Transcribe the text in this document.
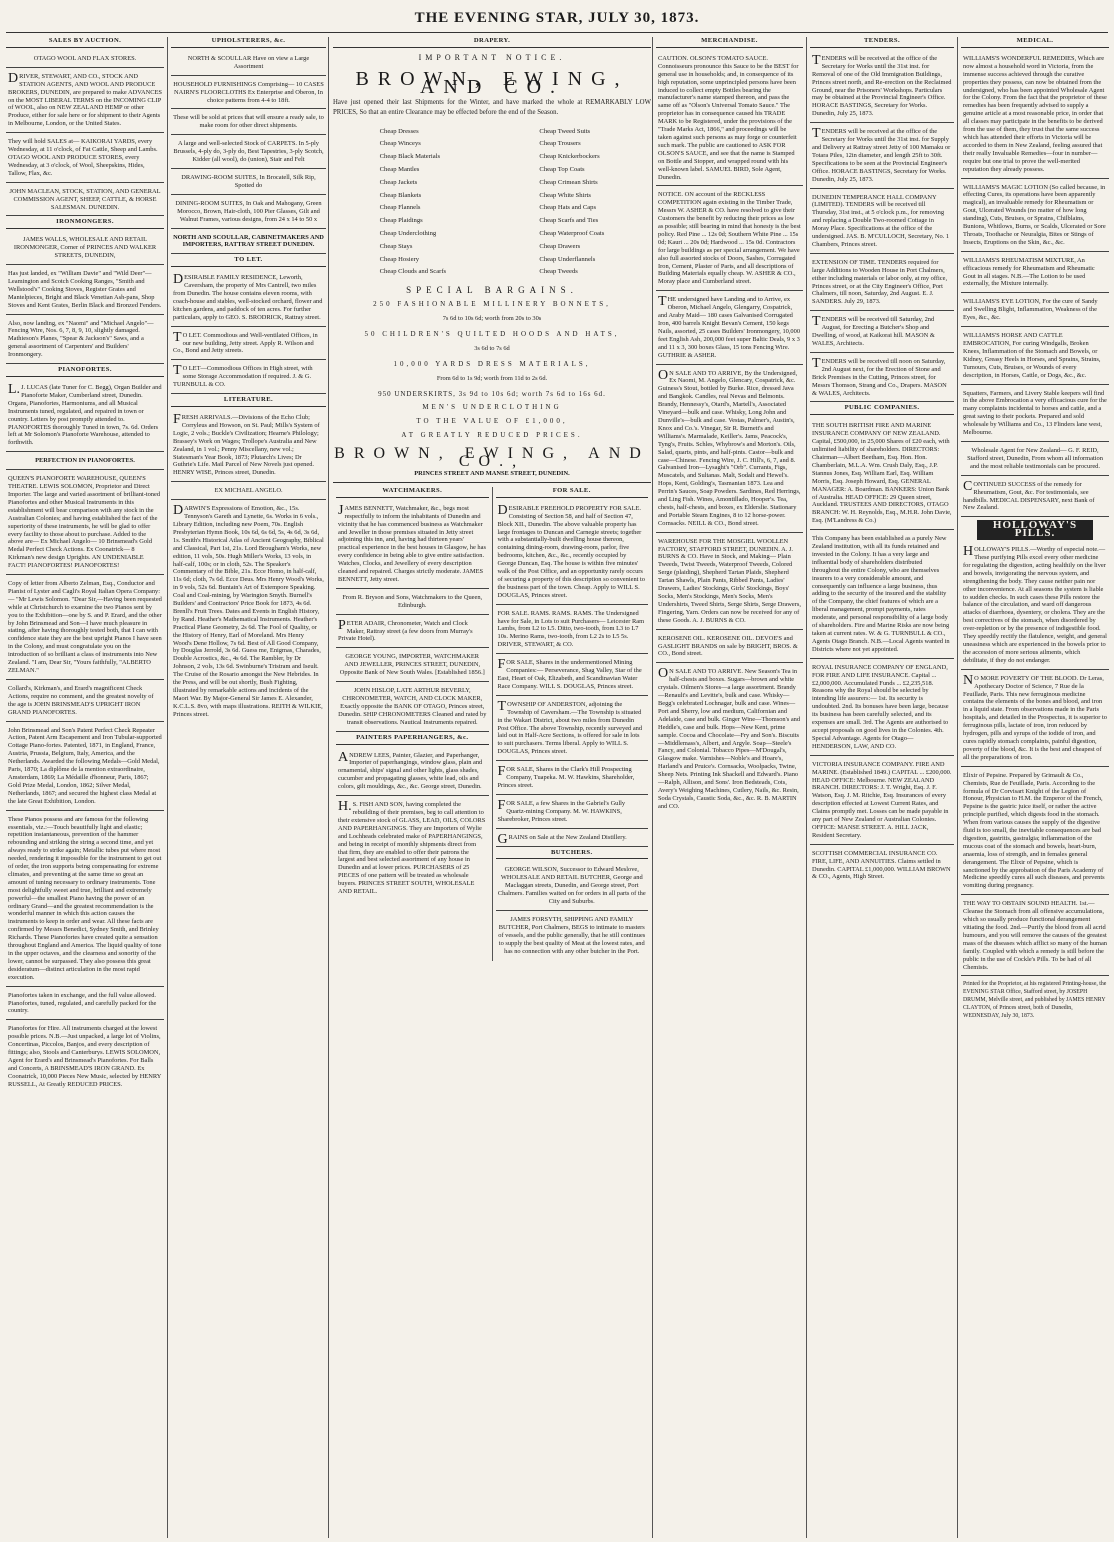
THE EVENING STAR, JULY 30, 1873.
SALES BY AUCTION.
OTAGO WOOL AND FLAX STORES.
DRIVER, STEWART, AND CO., STOCK AND STATION AGENTS, AND WOOL AND PRODUCE BROKERS, DUNEDIN, are prepared to make ADVANCES on the MOST LIBERAL TERMS on the INCOMING CLIP of WOOL, also on NEW ZEALAND HEMP or other Produce, either for sale here or for shipment to their Agents in Melbourne, London, or the United States.
They will hold SALES at— KAIKORAI YARDS, every Wednesday, at 11 o'clock, of Fat Cattle, Sheep and Lambs. OTAGO WOOL AND PRODUCE STORES, every Wednesday, at 3 o'clock, of Wool, Sheepskins, Hides, Tallow, Flax, &c.
JOHN MACLEAN, STOCK, STATION, AND GENERAL COMMISSION AGENT, SHEEP, CATTLE, & HORSE SALESMAN. DUNEDIN.
IRONMONGERS.
JAMES WALLS, WHOLESALE AND RETAIL IRONMONGER, Corner of PRINCES AND WALKER STREETS, DUNEDIN,
Has just landed, ex "William Davie" and "Wild Deer"— Leamington and Scotch Cooking Ranges, "Smith and Wellstood's" Cooking Stoves, Register Grates and Mantelpieces, Bright and Black Venetian Ash-pans, Shop Stoves and Kent Grates, Berlin Black and Bronzed Fenders.
Also, now landing, ex "Naomi" and "Michael Angelo"— Fencing Wire, Nos. 6, 7, 8, 9, 10, slightly damaged. Mathieson's Planes, "Spear & Jackson's" Saws, and a general assortment of Carpenters' and Builders' Ironmongery.
PIANOFORTES.
L.J. LUCAS (late Tuner for C. Begg), Organ Builder and Pianoforte Maker, Cumberland street, Dunedin. Organs, Pianofortes, Harmoniums, and all Musical Instruments tuned, regulated, and repaired in town or country. Letters by post promptly attended to. PIANOFORTES thoroughly Tuned in town, 7s. 6d. Orders left at Mr Solomon's Pianoforte Warehouse, attended to forthwith.
PERFECTION IN PIANOFORTES.
QUEEN'S PIANOFORTE WAREHOUSE, QUEEN'S THEATRE. LEWIS SOLOMON, Proprietor and Direct Importer. The large and varied assortment of brilliant-toned Pianofortes and other Musical Instruments in this establishment will bear comparison with any stock in the Australian Colonies; and having established the fact of the superiority of these instruments, he will be glad to offer every facility to those about to purchase. Added to the above are— Ex Michael Angelo— 10 Brinsmead's Gold Medal Perfect Check Actions. Ex Coonatrick— 8 Kirkman's new design Uprights. AN UNDENIABLE FACT! PIANOFORTES! PIANOFORTES!
Copy of letter from Alberto Zelman, Esq., Conductor and Pianist of Lyster and Cagli's Royal Italian Opera Company:— "Mr Lewis Solomon. "Dear Sir,—Having been requested while at Christchurch to examine the two Pianos sent by you to the Exhibition—one by S. and P. Erard, and the other by John Brinsmead and Son—I have much pleasure in stating, after having thoroughly tested both, that I can with confidence state they are the best upright Pianos I have seen in the Colony, and must congratulate you on the introduction of so brilliant a class of instruments into New Zealand. "I am, Dear Sir, "Yours faithfully, "ALBERTO ZELMAN."
Collard's, Kirkman's, and Erard's magnificent Check Actions, require no comment, and the greatest novelty of the age is JOHN BRINSMEAD'S UPRIGHT IRON GRAND PIANOFORTES.
John Brinsmead and Son's Patent Perfect Check Repeater Action, Patent Arm Escapement and Iron Tubular-supported Cottage Piano-fortes. Patented, 1871, in England, France, Austria, Prussia, Belgium, Italy, America, and the Netherlands. Awarded the following Medals—Gold Medal, Paris, 1870; La diplôme de la mention extraordinaire, Amsterdam, 1869; La Médaille d'honneur, Paris, 1867; Gold Prize Medal, London, 1862; Silver Medal, Netherlands, 1867; and secured the highest class Medal at the late Great Exhibition, London.
These Pianos possess and are famous for the following essentials, viz.:—Touch beautifully light and elastic; repetition instantaneous, prevention of the hammer rebounding and striking the string a second time, and yet always ready to strike again; Metallic tubes put where most needed, rendering it impossible for the instrument to get out of order, the iron supports being compensating for extreme climates, and preventing at the same time so great an amount of tuning necessary to ordinary instruments. Tone most delightfully sweet and true, brilliant and extremely powerful—the smallest Piano having the power of an ordinary Grand—and the greatest recommendation is the wonderful manner in which this action causes the instruments to keep in order and wear. All these facts are confirmed by Messrs Benedict, Sydney Smith, and Brinley Richards. These Pianofortes have created quite a sensation throughout England and America. The liquid quality of tone in the upper octaves, and the clearness and sonority of the lower, cannot be surpassed. They also possess this great desideratum—distinct articulation in the most rapid execution.
Pianofortes taken in exchange, and the full value allowed. Pianofortes, tuned, regulated, and carefully packed for the country.
Pianofortes for Hire. All instruments charged at the lowest possible prices. N.B.—Just unpacked, a large lot of Violins, Concertinas, Piccolos, Banjos, and every description of fittings; also, Stools and Canterburys. LEWIS SOLOMON, Agent for Erard's and Brinsmead's Pianofortes. For Balls and Concerts, A BRINSMEAD'S IRON GRAND. Ex Coonatrick, 10,000 Pieces New Music, selected by HENRY RUSSELL, At Greatly REDUCED PRICES.
UPHOLSTERERS, &c.
NORTH & SCOULLAR Have on view a Large Assortment
HOUSEHOLD FURNISHINGS Comprising— 10 CASES NAIRN'S FLOORCLOTHS Ex Enterprise and Oberon, In choice patterns from 4-4 to 18ft.
These will be sold at prices that will ensure a ready sale, to make room for other direct shipments.
A large and well-selected Stock of CARPETS. In 5-ply Brussels, 4-ply do, 3-ply do, Best Tapestries, 3-ply Scotch, Kidder (all wool), do (union), Stair and Felt
DRAWING-ROOM SUITES, In Brocatell, Silk Rip, Spotted do
DINING-ROOM SUITES, In Oak and Mahogany, Green Morocco, Brown, Hair-cloth, 100 Pier Glasses, Gilt and Walnut Frames, various designs, from 24 x 14 to 50 x
NORTH AND SCOULLAR, CABINETMAKERS AND IMPORTERS, RATTRAY STREET DUNEDIN.
TO LET.
DESIRABLE FAMILY RESIDENCE, Leworth, Caversham, the property of Mrs Cantrell, two miles from Dunedin. The house contains eleven rooms, with coach-house and stables, well-stocked orchard, flower and kitchen gardens, and paddock of ten acres. For further particulars, apply to GEO. S. BRODRICK, Rattray street.
TO LET. Commodious and Well-ventilated Offices, in our new building, Jetty street. Apply R. Wilson and Co., Bond and Jetty streets.
TO LET—Commodious Offices in High street, with some Storage Accommodation if required. J. & G. TURNBULL & CO.
LITERATURE.
FRESH ARRIVALS.—Divisions of the Echo Club; Corryleus and Howson, on St. Paul; Mills's System of Logic, 2 vols.; Buckle's Civilization; Hearne's Philology; Brassey's Work on Wages; Trollope's Australia and New Zealand, in 1 vol.; Penny Miscellany, new vol.; Statesman's Year Book, 1873; Plutarch's Lives; Dr Guthrie's Life. Mail Parcel of New Novels just opened. HENRY WISE, Princes street, Dunedin.
EX MICHAEL ANGELO.
DARWIN'S Expressions of Emotion, &c., 15s. Tennyson's Gareth and Lynette, 6s. Works in 6 vols., Library Edition, including new Poem, 70s. English Presbyterian Hymn Book, 10s 6d, 6s 6d, 5s, 4s 6d, 3s 6d, 1s. Smith's Historical Atlas of Ancient Geography, Biblical and Classical, Part 1st, 21s. Lord Brougham's Works, new edition, 11 vols, 50s. Hugh Miller's Works, 13 vols, in half-calf, 100s; or in cloth, 52s. The Speaker's Commentary of the Bible, 21s. Ecce Homo, in half-calf, 11s 6d; cloth, 7s 6d. Ecce Deus. Mrs Henry Wood's Works, in 9 vols, 52s 6d. Buntain's Art of Extempore Speaking. Coal and Coal-mining, by Warington Smyth. Burnell's Builders' and Contractors' Price Book for 1873, 4s 6d. Brenll's Fruit Trees. Dates and Events in English History, by Rand. Heather's Mathematical Instruments. Heather's Practical Plane Geometry, 2s 6d. The Fool of Quality, or the History of Henry, Earl of Moreland. Mrs Henry Wood's Dene Hollow, 7s 6d. Best of All Good Company, by Douglas Jerrold, 3s 6d. Guess me, Enigmas, Charades, Double Acrostics, &c., 4s 6d. The Rambler, by Dr Johnson, 2 vols, 13s 6d. Swinburne's Tristram and Iseult. The Cruise of the Rosario amongst the New Hebrides. In the Press, and will be out shortly, Bush Fighting, illustrated by remarkable actions and incidents of the Maori War. By Major-General Sir James E. Alexander, K.C.L.S. 8vo, with maps illustrations. REITH & WILKIE, Princes street.
DRAPERY.
IMPORTANT NOTICE.
BROWN, EWING, AND CO.

Have just opened their last Shipments for the Winter, and have marked the whole at REMARKABLY LOW PRICES, So that an entire Clearance may be effected before the end of the Season.

Cheap Dresses
Cheap Winceys
Cheap Black Materials
Cheap Mantles
Cheap Jackets
Cheap Blankets
Cheap Flannels
Cheap Plaidings
Cheap Underclothing
Cheap Stays
Cheap Hosiery
Cheap Clouds and Scarfs
Cheap Tweed Suits
Cheap Trousers
Cheap Knickerbockers
Cheap Top Coats
Cheap Crimean Shirts
Cheap White Shirts
Cheap Hats and Caps
Cheap Scarfs and Ties
Cheap Waterproof Coats
Cheap Drawers
Cheap Underflannels
Cheap Tweeds
SPECIAL BARGAINS.
250 FASHIONABLE MILLINERY BONNETS,
7s 6d to 10s 6d; worth from 20s to 30s
50 CHILDREN'S QUILTED HOODS AND HATS,
3s 6d to 7s 6d
10,000 YARDS DRESS MATERIALS,
From 6d to 1s 9d; worth from 11d to 2s 6d.
950 UNDERSKIRTS, 3s 9d to 10s 6d; worth 7s 6d to 16s 6d.
MEN'S UNDERCLOTHING
TO THE VALUE OF £1,000,
AT GREATLY REDUCED PRICES.
BROWN, EWING, AND CO.,
PRINCES STREET AND MANSE STREET, DUNEDIN.
WATCHMAKERS.
JAMES BENNETT, Watchmaker, &c., begs most respectfully to inform the inhabitants of Dunedin and vicinity that he has commenced business as Watchmaker and Jeweller in those premises situated in Jetty street adjoining this inn, and, having had thirteen years' practical experience in the best houses in Glasgow, he has every confidence in being able to give entire satisfaction. Watches, Clocks, and Jewellery of every description cleaned and repaired. Charges strictly moderate. JAMES BENNETT, Jetty street.
From R. Bryson and Sons, Watchmakers to the Queen, Edinburgh.
PETER ADAIR, Chronometer, Watch and Clock Maker, Rattray street (a few doors from Murray's Private Hotel).
GEORGE YOUNG, IMPORTER, WATCHMAKER AND JEWELLER, PRINCES STREET, DUNEDIN, Opposite Bank of New South Wales. [Established 1856.]
JOHN HISLOP, LATE ARTHUR BEVERLY, CHRONOMETER, WATCH, AND CLOCK MAKER, Exactly opposite the BANK OF OTAGO, Princes street, Dunedin. SHIP CHRONOMETERS Cleaned and rated by transit observations. Nautical Instruments repaired.
PAINTERS PAPERHANGERS, &c.
ANDREW LEES, Painter, Glazier, and Paperhanger, Importer of paperhangings, window glass, plain and ornamental, ships' signal and other lights, glass shades, cucumber and propagating glasses, white lead, oils and colors, gilt mouldings, &c., &c. George street, Dunedin.
H.S. FISH AND SON, having completed the rebuilding of their premises, beg to call attention to their extensive stock of GLASS, LEAD, OILS, COLORS AND PAPERHANGINGS. They are Importers of Wylie and Lochheads celebrated make of PAPERHANGINGS, and being in receipt of monthly shipments direct from that firm, they are enabled to offer their patrons the largest and best selected assortment of any house in Dunedin and at lower prices. PURCHASERS of 25 PIECES of one pattern will be treated as wholesale buyers. PRINCES STREET SOUTH, WHOLESALE AND RETAIL.
FOR SALE.
DESIRABLE FREEHOLD PROPERTY FOR SALE. Consisting of Section 58, and half of Section 47, Block XII., Dunedin. The above valuable property has large frontages to Duncan and Carnegie streets; together with a substantially-built dwelling house thereon, containing dining-room, drawing-room, parlor, five bedrooms, kitchen, &c., &c., recently occupied by George Duncan, Esq. The house is within five minutes' walk of the Post Office, and an opportunity rarely occurs of securing a property of this description so convenient to the business part of the town. Cheap. Apply to WILL S. DOUGLAS, Princes street.
FOR SALE. RAMS. RAMS. RAMS. The Undersigned have for Sale, in Lots to suit Purchasers— Leicester Ram Lambs, from L2 to L5. Ditto, two-tooth, from L3 to L7 10s. Merino Rams, two-tooth, from L2 2s to L5 5s. DRIVER, STEWART, & CO.
FOR SALE, Shares in the undermentioned Mining Companies:— Perseverance, Shag Valley, Star of the East, Heart of Oak, Elizabeth, and Scandinavian Water Race Company. WILL S. DOUGLAS, Princes street.
TOWNSHIP OF ANDERSTON, adjoining the Township of Caversham.—The Township is situated in the Wakari District, about two miles from Dunedin Post Office. The above Township, recently surveyed and laid out in Half-Acre Sections, is offered for sale in lots to suit purchasers. Terms liberal. Apply to WILL S. DOUGLAS, Princes street.
FOR SALE, Shares in the Clark's Hill Prospecting Company, Tuapeka. M. W. Hawkins, Shareholder, Princes street.
FOR SALE, a few Shares in the Gabriel's Gully Quartz-mining Company. M. W. HAWKINS, Sharebroker, Princes street.
GRAINS on Sale at the New Zealand Distillery.
BUTCHERS.
GEORGE WILSON, Successor to Edward Meslove, WHOLESALE AND RETAIL BUTCHER, George and Maclaggan streets, Dunedin, and George street, Port Chalmers. Families waited on for orders in all parts of the City and Suburbs.
JAMES FORSYTH, SHIPPING AND FAMILY BUTCHER, Port Chalmers, BEGS to intimate to masters of vessels, and the public generally, that he still continues to supply the best quality of Meat at the lowest rates, and has no connection with any other butcher in the Port.
MERCHANDISE.
CAUTION. OLSON'S TOMATO SAUCE. Connoisseurs pronounce this Sauce to be the BEST for general use in households; and, in consequence of its high reputation, some unprincipled persons have been induced to collect empty Bottles bearing the manufacturer's name stamped thereon, and pass the same off as "Olson's Universal Tomato Sauce." The proprietor has in consequence caused his TRADE MARK to be Registered, under the provisions of the "Trade Marks Act, 1866," and proceedings will be taken against such persons as may forge or counterfeit such mark. The public are cautioned to ASK FOR OLSON'S SAUCE, and see that the name is Stamped on Bottle and Stopper, and wrapped round with his well-known label. SAMUEL BIRD, Sole Agent, Dunedin.
NOTICE. ON account of the RECKLESS COMPETITION again existing in the Timber Trade, Messrs W. ASHER & CO. have resolved to give their Customers the benefit by reducing their prices as low as possible; still bearing in mind that honesty is the best policy. Red Pine ... 12s 0d; Southern White Pine ... 15s 0d; Kauri ... 20s 0d; Hardwood ... 15s 0d. Contractors for large buildings as per special arrangement. We have also full assorted stocks of Doors, Sashes, Corrugated Iron, Cement, Plaster of Paris, and all descriptions of Building Materials equally cheap. W. ASHER & CO., Moray place and Cumberland street.
THE undersigned have Landing and to Arrive, ex Oberon, Michael Angelo, Glengarry, Cospatrick, and Araby Maid— 180 cases Galvanised Corrugated Iron, 400 barrels Knight Bevan's Cement, 150 kegs Nails, assorted, 25 cases Builders' Ironmongery, 10,000 feet English Ash, 200,000 feet super Baltic Deals, 9 x 3 and 11 x 3, 300 boxes Glass, 15 tons Fencing Wire. GUTHRIE & ASHER.
ON SALE AND TO ARRIVE, By the Undersigned, Ex Naomi, M. Angelo, Glencary, Cospatrick, &c. Guiness's Stout, bottled by Burke. Rice, dressed Java and Bangkok. Candles, real Nevas and Belmonts. Brandy, Hennessy's, Otard's, Martell's, Associated Vineyard—bulk and case. Whisky, Long John and Dunville's—bulk and case. Vestas, Palmer's, Austin's, Knox and Co.'s. Vinegar, Sir R. Burnett's and Williams's. Marmalade, Keiller's. Jams, Peacock's, Tyng's, Fruits. Schles, Whybrow's and Morton's. Oils, Salad, quarts, pints, and half-pints. Castor—bulk and case—Chinese. Fencing Wire, J. C. Hill's, 6, 7, and 8. Galvanised Iron—Lysaght's "Orb". Currants, Figs, Muscatels, and Sultanas. Malt, Sodalt and Hewel's. Hops, Kent, Golding's, Tasmanian 1873. Lea and Perrin's Sauces, Soap Powders. Sardines, Red Herrings, and Ling Fish. Wines, Amontillado, Hooper's. Tea, chests, half-chests, and boxes, ex Elderslie. Stationary and Portable Steam Engines, 8 to 12 horse-power. Cornsacks. NEILL & CO., Bond street.
WAREHOUSE FOR THE MOSGIEL WOOLLEN FACTORY, STAFFORD STREET, DUNEDIN. A. J. BURNS & CO. Have in Stock, and Making— Plain Tweeds, Twist Tweeds, Waterproof Tweeds, Colored Serge (plaiding), Shepherd Tartan Plaids, Shepherd Tartan Shawls, Plain Pants, Ribbed Pants, Ladies' Drawers, Ladies' Stockings, Girls' Stockings, Boys' Socks, Men's Stockings, Men's Socks, Men's Undershirts, Tweed Shirts, Serge Shirts, Serge Drawers, Fingering, Yarn. Orders can now be received for any of these Goods. A. J. BURNS & CO.
KEROSENE OIL. KEROSENE OIL. DEVOE'S and GASLIGHT BRANDS on sale by BRIGHT, BROS. & CO., Bond street.
ON SALE AND TO ARRIVE. New Season's Tea in half-chests and boxes. Sugars—brown and white crystals. Oilmen's Stores—a large assortment. Brandy—Renault's and Levitte's, bulk and case. Whisky—Begg's celebrated Lochnagar, bulk and case. Wines—Port and Sherry, low and medium, Californian and Adelaide, case and bulk. Ginger Wine—Thomson's and Heddle's, case and bulk. Hops—New Kent, prime sample. Cocoa and Chocolate—Fry and Son's. Biscuits—Middlemass's, Albert, and Argyle. Soap—Steele's Fancy, and Colonial. Tobacco Pipes—M'Dougal's, Glasgow make. Varnishes—Noble's and Hoare's, Harland's and Pruice's. Cornsacks, Woolpacks, Twine, Sheep Nets. Printing Ink Shackell and Edward's. Piano—Ralph, Allison, and Sons'. Iron Bedsteads, Cots, Avery's Weighing Machines, Cutlery, Nails, &c. Resin, Soda Crystals, Caustic Soda, &c., &c. R. B. MARTIN and CO.
TENDERS.
TENDERS will be received at the office of the Secretary for Works until the 31st inst. for Removal of one of the Old Immigration Buildings, Princes street north, and Re-erection on the Reclaimed Ground, near the Prisoners' Workshops. Particulars may be obtained at the Provincial Engineer's Office. HORACE BASTINGS, Secretary for Works. Dunedin, July 25, 1873.
TENDERS will be received at the office of the Secretary for Works until the 31st inst. for Supply and Delivery at Rattray street Jetty of 100 Mamaku or Totara Piles, 12in diameter, and length 25ft to 30ft. Specifications to be seen at the Provincial Engineer's Office. HORACE BASTINGS, Secretary for Works. Dunedin, July 25, 1873.
DUNEDIN TEMPERANCE HALL COMPANY (LIMITED). TENDERS will be received till Thursday, 31st inst., at 5 o'clock p.m., for removing and replacing a Double Two-roomed Cottage in Moray Place. Specifications at the office of the undersigned. JAS. B. M'CULLOCH, Secretary, No. 1 Chambers, Princes street.
EXTENSION OF TIME. TENDERS required for large Additions to Wooden House in Port Chalmers, either including materials or labor only, at my office, Princes street, or at the City Engineer's Office, Port Chalmers, till noon, Saturday, 2nd August. E. J. SANDERS. July 29, 1873.
TENDERS will be received till Saturday, 2nd August, for Erecting a Butcher's Shop and Dwelling, of wood, at Kaikorai hill. MASON & WALES, Architects.
TENDERS will be received till noon on Saturday, 2nd August next, for the Erection of Stone and Brick Premises in the Cutting, Princes street, for Messrs Thomson, Strang and Co., Drapers. MASON & WALES, Architects.
PUBLIC COMPANIES.
THE SOUTH BRITISH FIRE AND MARINE INSURANCE COMPANY OF NEW ZEALAND. Capital, £500,000, in 25,000 Shares of £20 each, with unlimited liability of shareholders. DIRECTORS: Chairman—Albert Beetham, Esq. Hon. Hon. Chamberlain, M.L.A. Wm. Crush Daly, Esq., J.P. Stannus Jones, Esq. William Earl, Esq. William Morris, Esq. Joseph Howard, Esq. GENERAL MANAGER: A. Boardman. BANKERS: Union Bank of Australia. HEAD OFFICE: 29 Queen street, Auckland. TRUSTEES AND DIRECTORS, OTAGO BRANCH: W. H. Reynolds, Esq., M.H.R. John Davie, Esq. (M'Landress & Co.)
This Company has been established as a purely New Zealand institution, with all its funds retained and invested in the Colony. It has a very large and influential body of shareholders distributed throughout the entire Colony, who are themselves insurers to a very considerable amount, and consequently can influence a large business, thus adding to the security of the insured and the stability of the Company, the chief features of which are a liberal management, prompt payments, rates moderate, and personal responsibility of a large body of shareholders. Fire and Marine Risks are now being taken at current rates. W. & G. TURNBULL & CO., Agents Otago Branch. N.B.—Local Agents wanted in Districts where not yet appointed.
ROYAL INSURANCE COMPANY OF ENGLAND, FOR FIRE AND LIFE INSURANCE. Capital ... £2,000,000. Accumulated Funds ... £2,235,518. Reasons why the Royal should be selected by intending life assurers:— 1st. Its security is undoubted. 2nd. Its bonuses have been large, because its business has been carefully selected, and its expenses are small. 3rd. The Agents are authorised to accept proposals on good lives in the Colonies. 4th. Special Advantage. Agents for Otago— HENDERSON, LAW, AND CO.
VICTORIA INSURANCE COMPANY. FIRE AND MARINE. (Established 1849.) CAPITAL ... £200,000. HEAD OFFICE: Melbourne. NEW ZEALAND BRANCH. DIRECTORS: J. T. Wright, Esq. J. F. Watson, Esq. J. M. Ritchie, Esq. Insurances of every description effected at Lowest Current Rates, and Claims promptly met. Losses can be made payable in any part of New Zealand or Australian Colonies. OFFICE: MANSE STREET. A. HILL JACK, Resident Secretary.
SCOTTISH COMMERCIAL INSURANCE CO. FIRE, LIFE, AND ANNUITIES. Claims settled in Dunedin. CAPITAL £1,000,000. WILLIAM BROWN & CO., Agents, High Street.
MEDICAL.
WILLIAMS'S WONDERFUL REMEDIES, Which are now almost a household word in Victoria, from the immense success achieved through the curative properties they possess, can now be obtained from the undersigned, who has been appointed Wholesale Agent for the Colony. From the fact that the proprietor of these remedies has been frequently advised to supply a genuine article at a most reasonable price, in order that all classes may participate in the benefits to be derived from the use of them, they trust that the same success which has attended their efforts in Victoria will be accorded to them in New Zealand, feeling assured that their really Invaluable Remedies—four in number—require but one trial to prove the well-merited reputation they already possess.
WILLIAMS'S MAGIC LOTION (So called because, in effecting Cures, its operations have been apparently magical), an invaluable remedy for Rheumatism or Gout, Ulcerated Wounds (no matter of how long standing), Cuts, Bruises, or Sprains, Chilblains, Bunions, Whitlows, Burns, or Scalds, Ulcerated or Sore Throats, Toothache or Neuralgia, Bites or Stings of Insects, Eruptions on the Skin, &c., &c.
WILLIAMS'S RHEUMATISM MIXTURE, An efficacious remedy for Rheumatism and Rheumatic Gout in all stages. N.B.—The Lotion to be used externally, the Mixture internally.
WILLIAMS'S EYE LOTION, For the cure of Sandy and Swelling Blight, Inflammation, Weakness of the Eyes, &c., &c.
WILLIAMS'S HORSE AND CATTLE EMBROCATION, For curing Windgalls, Broken Knees, Inflammation of the Stomach and Bowels, or Kidney, Greasy Heels in Horses, and Sprains, Strains, Tumours, Cuts, Bruises, or Wounds of every description, in Horses, Cattle, or Dogs, &c., &c.
Squatters, Farmers, and Livery Stable keepers will find in the above Embrocation a very efficacious cure for the many complaints incidental to horses and cattle, and a great saving to their pockets. Prepared and sold wholesale by Williams and Co., 13 Flinders lane west, Melbourne.
Wholesale Agent for New Zealand— G. F. REID, Stafford street, Dunedin, From whom all information and the most reliable testimonials can be procured.
CONTINUED SUCCESS of the remedy for Rheumatism, Gout, &c. For testimonials, see handbills. MEDICAL DISPENSARY, next Bank of New Zealand.
HOLLOWAY'S PILLS.
HOLLOWAY'S PILLS.—Worthy of especial note.—These purifying Pills excel every other medicine for regulating the digestion, acting healthily on the liver and bowels, invigorating the nervous system, and strengthening the body. They cause neither pain nor other inconvenience. At all seasons the system is liable to sudden checks. In such cases these Pills restore the balance of the circulation, and ward off dangerous attacks of diarrhoea, dysentery, or cholera. They are the best correctives of the stomach, when disordered by over-repletion or by the presence of indigestible food. They speedily rectify the flatulence, weight, and general uneasiness which are experienced in the bowels prior to the accession of more serious ailments, which debilitate, if they do not endanger.
NO MORE POVERTY OF THE BLOOD. Dr Leras, Apothecary Doctor of Science, 7 Rue de la Feuillade, Paris. This new ferruginous medicine contains the elements of the bones and blood, and iron in a liquid state. From observations made in the Paris hospitals, and detailed in the Prospectus, it is superior to ferruginous pills, lactate of iron, iron reduced by hydrogen, pills and syrups of the iodide of iron, and cures rapidly stomach complaints, painful digestion, poverty of the blood, &c. It is the best and cheapest of all the preparations of iron.
Elixir of Pepsine. Prepared by Grimault & Co., Chemists, Rue de Feuillade, Paris. According to the formula of Dr Corvisart Knight of the Legion of Honour, Physician to H.M. the Emperor of the French, Pepsine is the gastric juice itself, or rather the active principle purified, which digests food in the stomach. When from various causes the supply of the digestive fluid is too small, the inevitable consequences are bad digestion, gastritis, gastralgia; inflammation of the mucous coat of the stomach and bowels, heart-burn, anaemia, loss of strength, and in females general derangement. The Elixir of Pepsine, which is sanctioned by the approbation of the Paris Academy of Medicine speedily cures all such diseases, and prevents vomiting during pregnancy.
THE WAY TO OBTAIN SOUND HEALTH. 1st.—Cleanse the Stomach from all offensive accumulations, which so usually produce functional derangement vitiating the food. 2nd.—Purify the blood from all acrid humours, and you will remove the causes of the greatest mass of the diseases which afflict so many of the human family. Coupled with which a remedy is still before the public in the use of Cockle's Pills. To be had of all Chemists.
Printed for the Proprietor, at his registered Printing-house, the EVENING STAR Office, Stafford street, by JOSEPH DRUMM, Melville street, and published by JAMES HENRY CLAYTON, of Princes street, both of Dunedin, WEDNESDAY, July 30, 1873.
